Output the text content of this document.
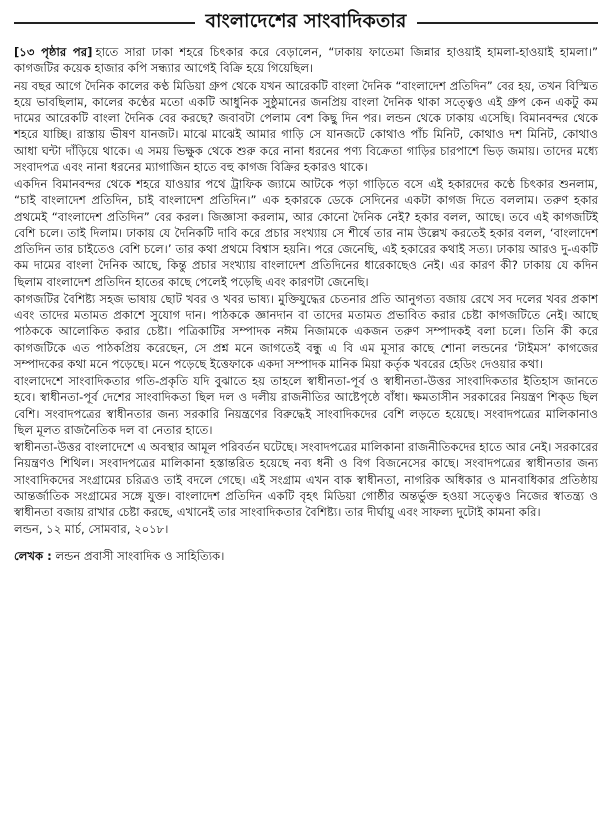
বাংলাদেশের সাংবাদিকতার

[১৩ পৃষ্ঠার পর] হাতে সারা ঢাকা শহরে চিৎকার করে বেড়ালেন, “ঢাকায় ফাতেমা জিন্নার হাওয়াই হামলা-হাওয়াই হামলা।” কাগজটির কয়েক হাজার কপি সন্ধ্যার আগেই বিক্রি হয়ে গিয়েছিল।

নয় বছর আগে দৈনিক কালের কণ্ঠ মিডিয়া গ্রুপ থেকে যখন আরেকটি বাংলা দৈনিক “বাংলাদেশ প্রতিদিন” বের হয়, তখন বিস্মিত হয়ে ভাবছিলাম, কালের কণ্ঠের মতো একটি আধুনিক সুষ্ঠুমানের জনপ্রিয় বাংলা দৈনিক থাকা সত্ত্বেও এই গ্রুপ কেন একটু কম দামের আরেকটি বাংলা দৈনিক বের করছে? জবাবটা পেলাম বেশ কিছু দিন পর। লন্ডন থেকে ঢাকায় এসেছি। বিমানবন্দর থেকে শহরে যাচ্ছি। রাস্তায় ভীষণ যানজট। মাঝে মাঝেই আমার গাড়ি সে যানজটে কোথাও পাঁচ মিনিট, কোথাও দশ মিনিট, কোথাও আধা ঘন্টা দাঁড়িয়ে থাকে। এ সময় ভিক্ষুক থেকে শুরু করে নানা ধরনের পণ্য বিক্রেতা গাড়ির চারপাশে ভিড় জমায়। তাদের মধ্যে সংবাদপত্র এবং নানা ধরনের ম্যাগাজিন হাতে বহু কাগজ বিক্রির হকারও থাকে।

একদিন বিমানবন্দর থেকে শহরে যাওয়ার পথে ট্রাফিক জ্যামে আটকে পড়া গাড়িতে বসে এই হকারদের কণ্ঠে চিৎকার শুনলাম, “চাই বাংলাদেশ প্রতিদিন, চাই বাংলাদেশ প্রতিদিন।” এক হকারকে ডেকে সেদিনের একটা কাগজ দিতে বললাম। তরুণ হকার প্রথমেই “বাংলাদেশ প্রতিদিন” বের করল। জিজ্ঞাসা করলাম, আর কোনো দৈনিক নেই? হকার বলল, আছে। তবে এই কাগজটিই বেশি চলে। তাই দিলাম। ঢাকায় যে দৈনিকটি দাবি করে প্রচার সংখ্যায় সে শীর্ষে তার নাম উল্লেখ করতেই হকার বলল, ‘বাংলাদেশ প্রতিদিন তার চাইতেও বেশি চলে।’ তার কথা প্রথমে বিশ্বাস হয়নি। পরে জেনেছি, এই হকারের কথাই সত্য। ঢাকায় আরও দু-একটি কম দামের বাংলা দৈনিক আছে, কিন্তু প্রচার সংখ্যায় বাংলাদেশ প্রতিদিনের ধারেকাছেও নেই। এর কারণ কী? ঢাকায় যে কদিন ছিলাম বাংলাদেশ প্রতিদিন হাতের কাছে পেলেই পড়েছি এবং কারণটা জেনেছি।

কাগজটির বৈশিষ্ট্য সহজ ভাষায় ছোট খবর ও খবর ভাষ্য। মুক্তিযুদ্ধের চেতনার প্রতি আনুগত্য বজায় রেখে সব দলের খবর প্রকাশ এবং তাদের মতামত প্রকাশে সুযোগ দান। পাঠককে জ্ঞানদান বা তাদের মতামত প্রভাবিত করার চেষ্টা কাগজটিতে নেই। আছে পাঠককে আলোকিত করার চেষ্টা। পত্রিকাটির সম্পাদক নঈম নিজামকে একজন তরুণ সম্পাদকই বলা চলে। তিনি কী করে কাগজটিকে এত পাঠকপ্রিয় করেছেন, সে প্রশ্ন মনে জাগতেই বন্ধু এ বি এম মূসার কাছে শোনা লন্ডনের ‘টাইমস’ কাগজের সম্পাদকের কথা মনে পড়েছে। মনে পড়েছে ইত্তেফাকে একদা সম্পাদক মানিক মিয়া কর্তৃক খবরের হেডিং দেওয়ার কথা।

বাংলাদেশে সাংবাদিকতার গতি-প্রকৃতি যদি বুঝাতে হয় তাহলে স্বাধীনতা-পূর্ব ও স্বাধীনতা-উত্তর সাংবাদিকতার ইতিহাস জানতে হবে। স্বাধীনতা-পূর্ব দেশের সাংবাদিকতা ছিল দল ও দলীয় রাজনীতির আষ্টেপৃষ্ঠে বাঁধা। ক্ষমতাসীন সরকারের নিয়ন্ত্রণ শিক্ড ছিল বেশি। সংবাদপত্রের স্বাধীনতার জন্য সরকারি নিয়ন্ত্রণের বিরুদ্ধেই সাংবাদিকদের বেশি লড়তে হয়েছে। সংবাদপত্রের মালিকানাও ছিল মূলত রাজনৈতিক দল বা নেতার হাতে।

স্বাধীনতা-উত্তর বাংলাদেশে এ অবস্থার আমূল পরিবর্তন ঘটেছে। সংবাদপত্রের মালিকানা রাজনীতিকদের হাতে আর নেই। সরকারের নিয়ন্ত্রণও শিথিল। সংবাদপত্রের মালিকানা হস্তান্তরিত হয়েছে নব্য ধনী ও বিগ বিজনেসের কাছে। সংবাদপত্রের স্বাধীনতার জন্য সাংবাদিকদের সংগ্রামের চরিত্রও তাই বদলে গেছে। এই সংগ্রাম এখন বাক স্বাধীনতা, নাগরিক অধিকার ও মানবাধিকার প্রতিষ্ঠায় আন্তর্জাতিক সংগ্রামের সঙ্গে যুক্ত। বাংলাদেশ প্রতিদিন একটি বৃহৎ মিডিয়া গোষ্ঠীর অন্তর্ভুক্ত হওয়া সত্ত্বেও নিজের স্বাতন্ত্র্য ও স্বাধীনতা বজায় রাখার চেষ্টা করছে, এখানেই তার সাংবাদিকতার বৈশিষ্ট্য। তার দীর্ঘায়ু এবং সাফল্য দুটোই কামনা করি।

লন্ডন, ১২ মার্চ, সোমবার, ২০১৮।

লেখক : লন্ডন প্রবাসী সাংবাদিক ও সাহিত্যিক।
